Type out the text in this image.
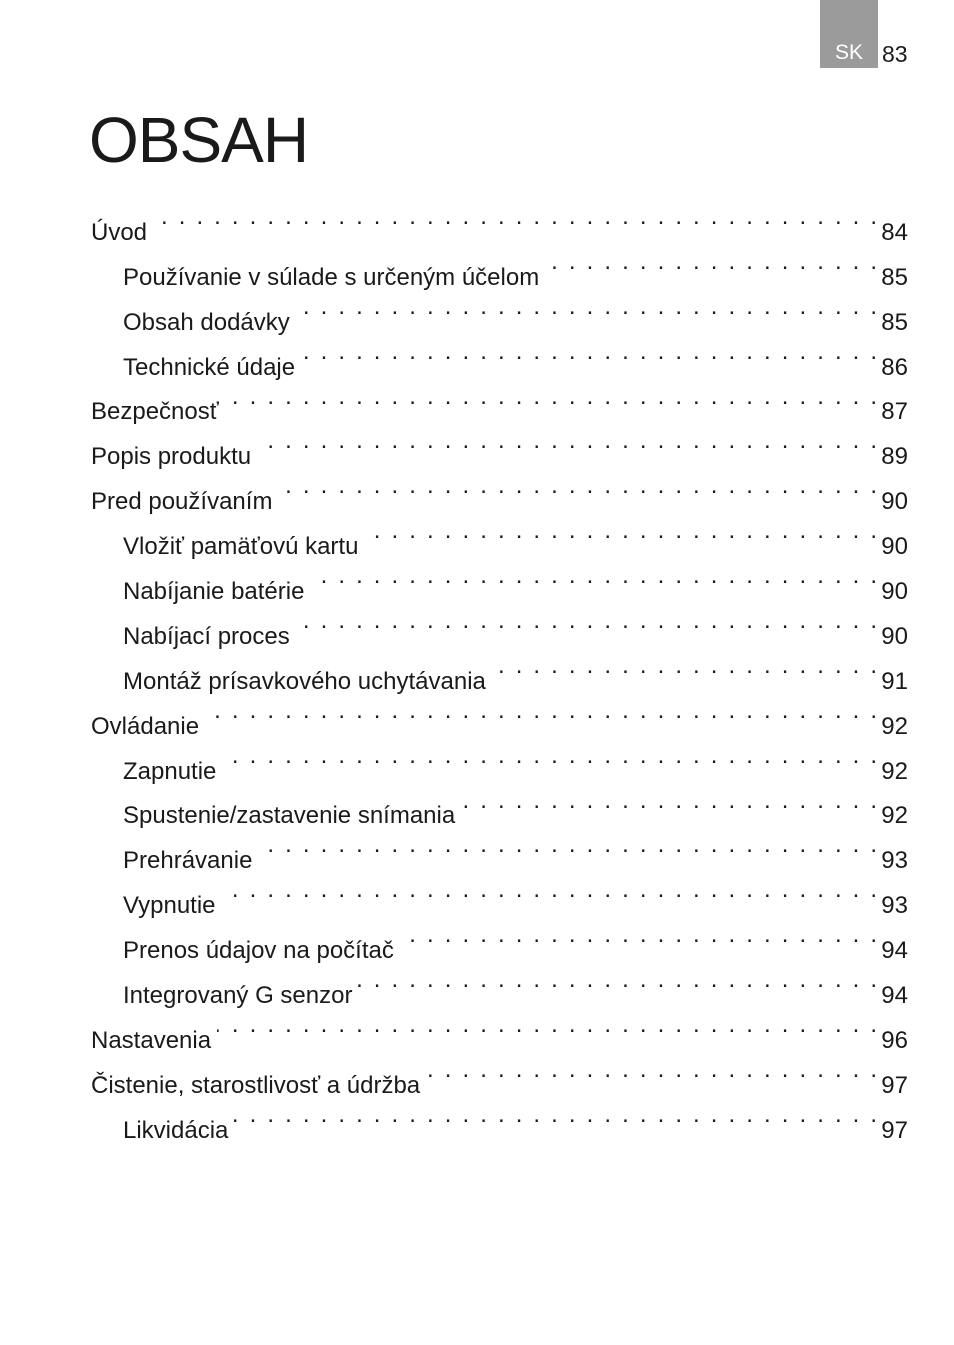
SK 83
OBSAH
Úvod . . .	84
Používanie v súlade s určeným účelom . . .	85
Obsah dodávky . . .	85
Technické údaje . . .	86
Bezpečnosť . . .	87
Popis produktu . . .	89
Pred používaním . . .	90
Vložiť pamäťovú kartu . . .	90
Nabíjanie batérie . . .	90
Nabíjací proces . . .	90
Montáž prísavkového uchytávania . . .	91
Ovládanie . . .	92
Zapnutie . . .	92
Spustenie/zastavenie snímania . . .	92
Prehrávanie . . .	93
Vypnutie . . .	93
Prenos údajov na počítač . . .	94
Integrovaný G senzor . . .	94
Nastavenia . . .	96
Čistenie, starostlivosť a údržba . . .	97
Likvidácia . . .	97
